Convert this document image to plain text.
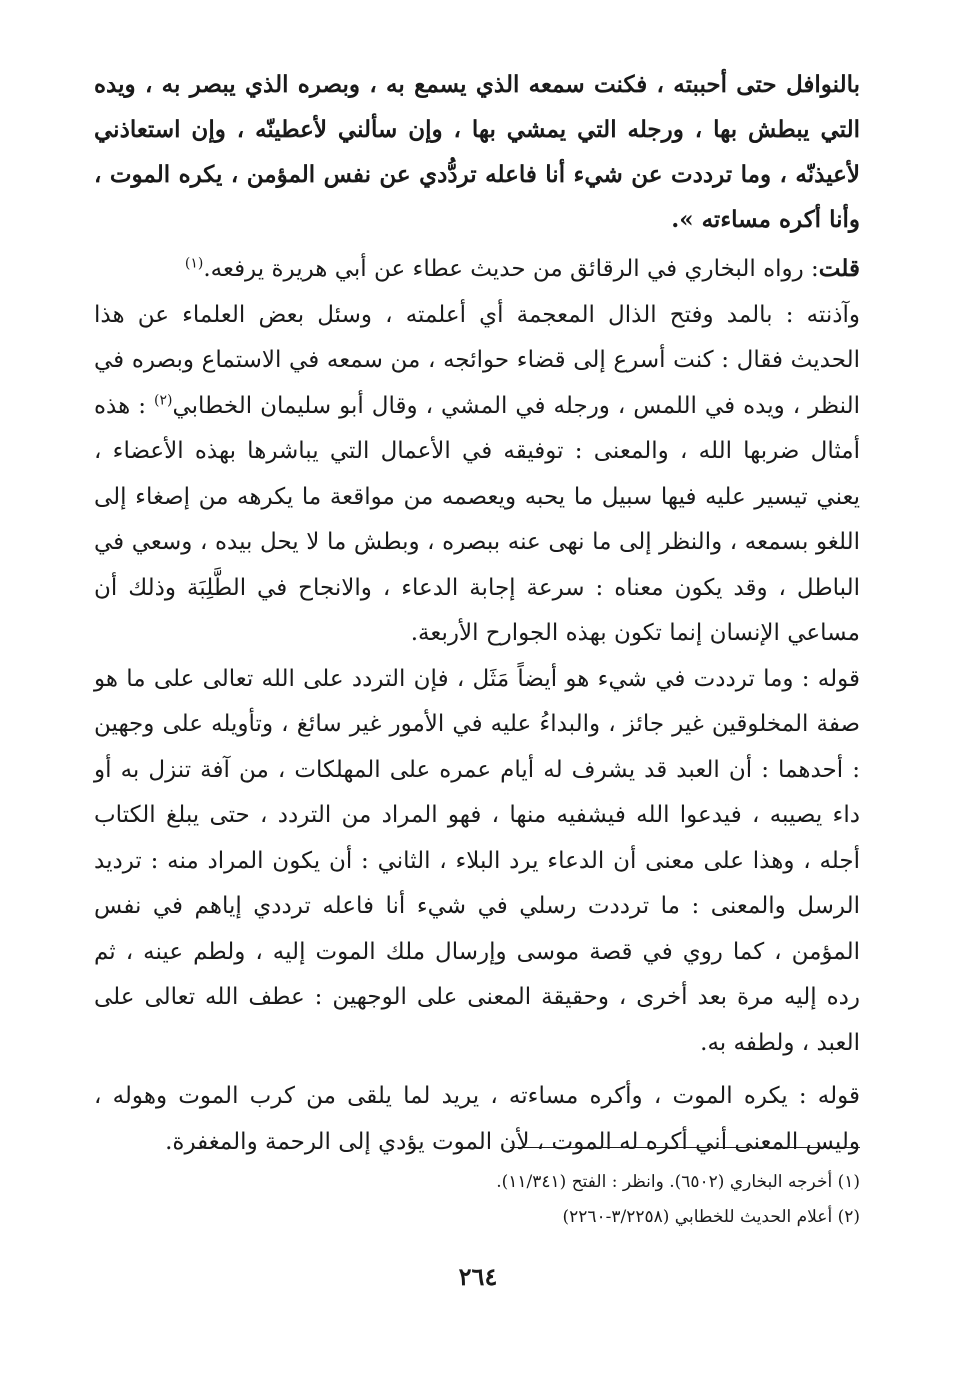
بالنوافل حتى أحببته ، فكنت سمعه الذي يسمع به ، وبصره الذي يبصر به ، ويده التي يبطش بها ، ورجله التي يمشي بها ، وإن سألني لأعطينّه ، وإن استعاذني لأعيذنّه ، وما ترددت عن شيء أنا فاعله تردُّدي عن نفس المؤمن ، يكره الموت ، وأنا أكره مساءته ».

قلت: رواه البخاري في الرقائق من حديث عطاء عن أبي هريرة يرفعه.$^{(١)}$

وآذنته : بالمد وفتح الذال المعجمة أي أعلمته ، وسئل بعض العلماء عن هذا الحديث فقال : كنت أسرع إلى قضاء حوائجه ، من سمعه في الاستماع وبصره في النظر ، ويده في اللمس ، ورجله في المشي ، وقال أبو سليمان الخطابي$^{(٢)}$ : هذه أمثال ضربها الله ، والمعنى : توفيقه في الأعمال التي يباشرها بهذه الأعضاء ، يعني تيسير عليه فيها سبيل ما يحبه ويعصمه من مواقعة ما يكرهه من إصغاء إلى اللغو بسمعه ، والنظر إلى ما نهى عنه ببصره ، وبطش ما لا يحل بيده ، وسعي في الباطل ، وقد يكون معناه : سرعة إجابة الدعاء ، والانجاح في الطَّلِبَة وذلك أن مساعي الإنسان إنما تكون بهذه الجوارح الأربعة.

قوله : وما ترددت في شيء هو أيضاً مَثَل ، فإن التردد على الله تعالى على ما هو صفة المخلوقين غير جائز ، والبداءُ عليه في الأمور غير سائغ ، وتأويله على وجهين : أحدهما : أن العبد قد يشرف له أيام عمره على المهلكات ، من آفة تنزل به أو داء يصيبه ، فيدعوا الله فيشفيه منها ، فهو المراد من التردد ، حتى يبلغ الكتاب أجله ، وهذا على معنى أن الدعاء يرد البلاء ، الثاني : أن يكون المراد منه : ترديد الرسل والمعنى : ما ترددت رسلي في شيء أنا فاعله ترددي إياهم في نفس المؤمن ، كما روي في قصة موسى وإرسال ملك الموت إليه ، ولطم عينه ، ثم رده إليه مرة بعد أخرى ، وحقيقة المعنى على الوجهين : عطف الله تعالى على العبد ، ولطفه به.

قوله : يكره الموت ، وأكره مساءته ، يريد لما يلقى من كرب الموت وهوله ، وليس المعنى أني أكره له الموت ، لأن الموت يؤدي إلى الرحمة والمغفرة.

(١) أخرجه البخاري (٦٥٠٢). وانظر : الفتح (١١/٣٤١).

(٢) أعلام الحديث للخطابي (٣/٢٢٥٨-٢٢٦٠)

٢٦٤
